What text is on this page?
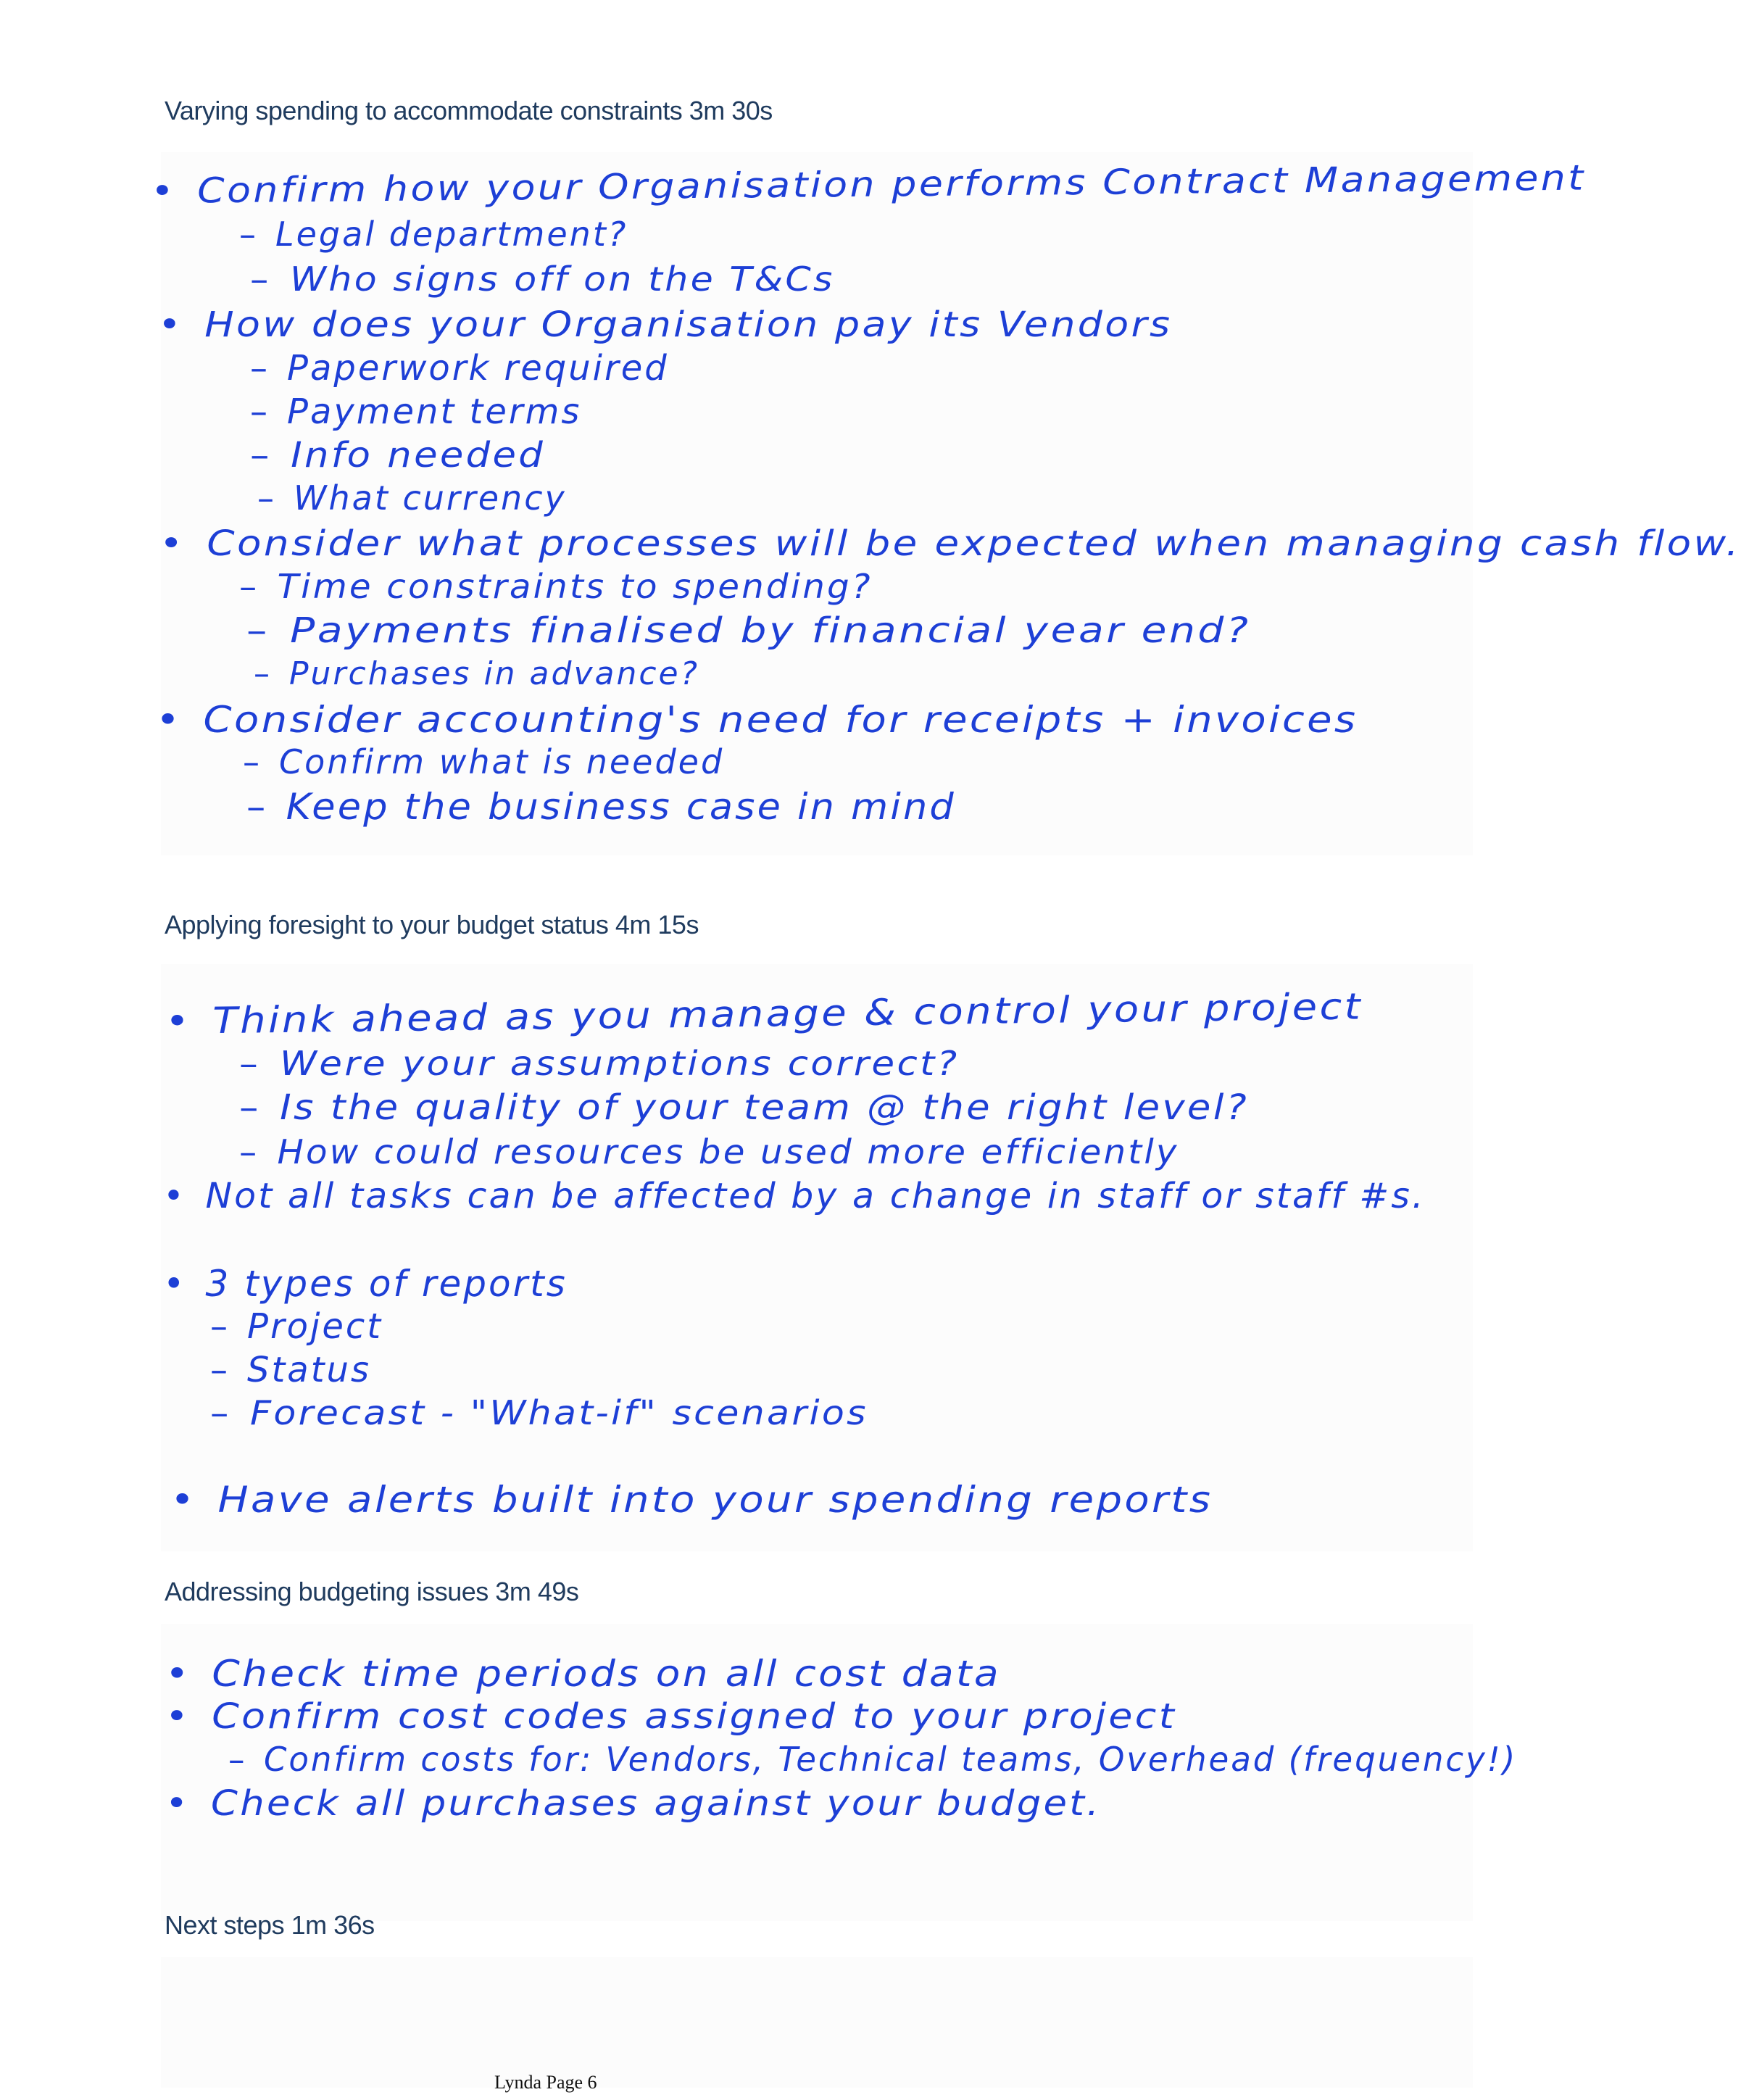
Varying spending to accommodate constraints 3m 30s
• Confirm how your Organisation performs Contract Management
– Legal department?
– Who signs off on the T&Cs
• How does your Organisation pay its Vendors
– Paperwork required
– Payment terms
– Info needed
– What currency
• Consider what processes will be expected when managing cash flow.
– Time constraints to spending?
– Payments finalised by financial year end?
– Purchases in advance?
• Consider accounting's need for receipts + invoices
– Confirm what is needed
– Keep the business case in mind
Applying foresight to your budget status 4m 15s
• Think ahead as you manage & control your project
– Were your assumptions correct?
– Is the quality of your team @ the right level?
– How could resources be used more efficiently
• Not all tasks can be affected by a change in staff or staff #s.
• 3 types of reports
– Project
– Status
– Forecast - "What-if" scenarios
• Have alerts built into your spending reports
Addressing budgeting issues 3m 49s
• Check time periods on all cost data
• Confirm cost codes assigned to your project
– Confirm costs for: Vendors, Technical teams, Overhead (frequency!)
• Check all purchases against your budget.
Next steps 1m 36s
Lynda Page 6
